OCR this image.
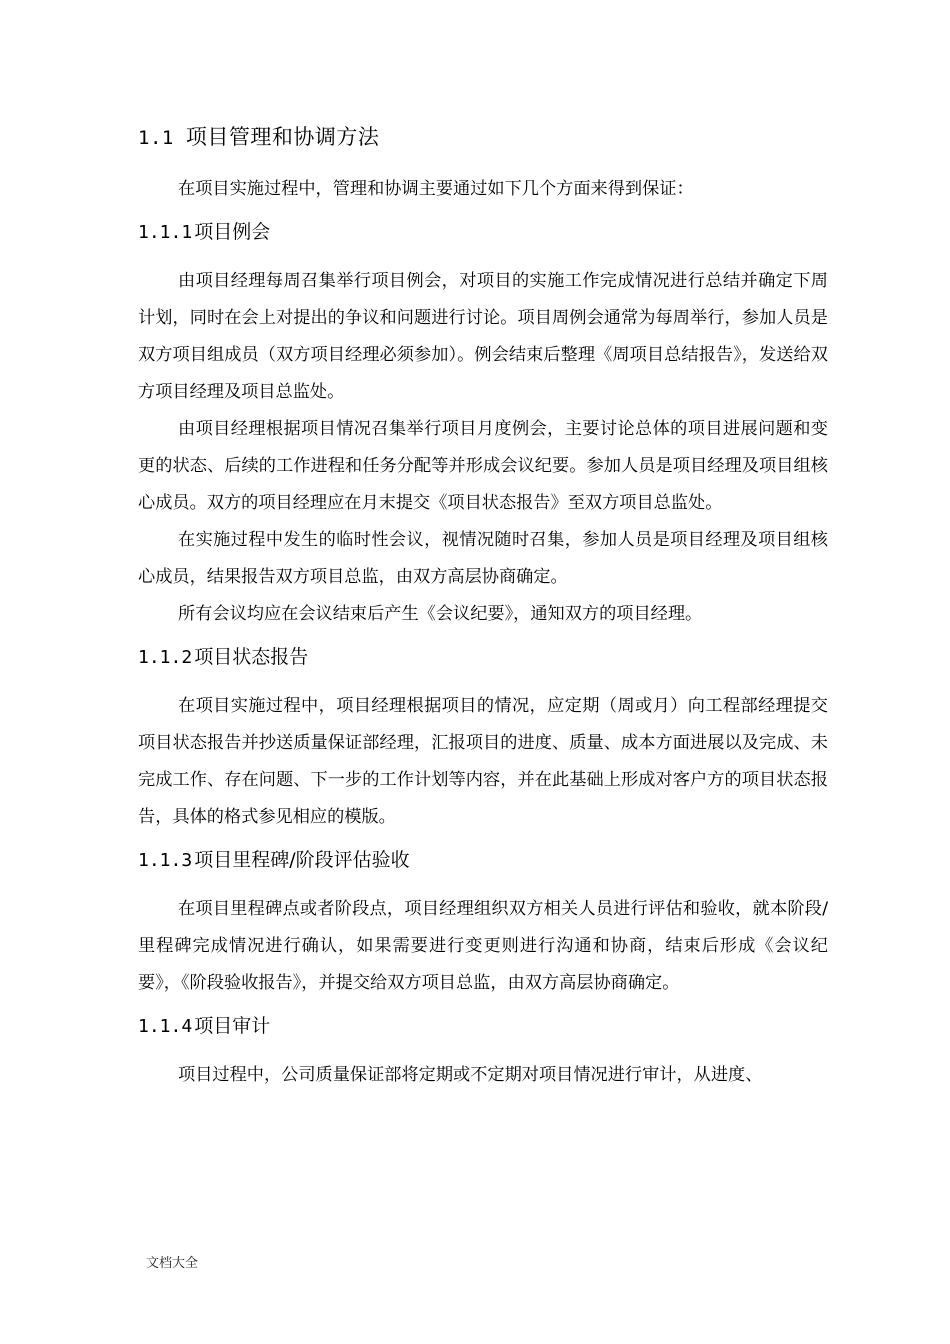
1.1 项目管理和协调方法

在项目实施过程中，管理和协调主要通过如下几个方面来得到保证：

1.1.1 项目例会

由项目经理每周召集举行项目例会，对项目的实施工作完成情况进行总结并确定下周计划，同时在会上对提出的争议和问题进行讨论。项目周例会通常为每周举行，参加人员是双方项目组成员（双方项目经理必须参加）。例会结束后整理《周项目总结报告》，发送给双方项目经理及项目总监处。

由项目经理根据项目情况召集举行项目月度例会，主要讨论总体的项目进展问题和变更的状态、后续的工作进程和任务分配等并形成会议纪要。参加人员是项目经理及项目组核心成员。双方的项目经理应在月末提交《项目状态报告》至双方项目总监处。

在实施过程中发生的临时性会议，视情况随时召集，参加人员是项目经理及项目组核心成员，结果报告双方项目总监，由双方高层协商确定。

所有会议均应在会议结束后产生《会议纪要》，通知双方的项目经理。

1.1.2 项目状态报告

在项目实施过程中，项目经理根据项目的情况，应定期（周或月）向工程部经理提交项目状态报告并抄送质量保证部经理，汇报项目的进度、质量、成本方面进展以及完成、未完成工作、存在问题、下一步的工作计划等内容，并在此基础上形成对客户方的项目状态报告，具体的格式参见相应的模版。

1.1.3 项目里程碑/阶段评估验收

在项目里程碑点或者阶段点，项目经理组织双方相关人员进行评估和验收，就本阶段/里程碑完成情况进行确认，如果需要进行变更则进行沟通和协商，结束后形成《会议纪要》，《阶段验收报告》，并提交给双方项目总监，由双方高层协商确定。

1.1.4 项目审计

项目过程中，公司质量保证部将定期或不定期对项目情况进行审计，从进度、

文档大全
